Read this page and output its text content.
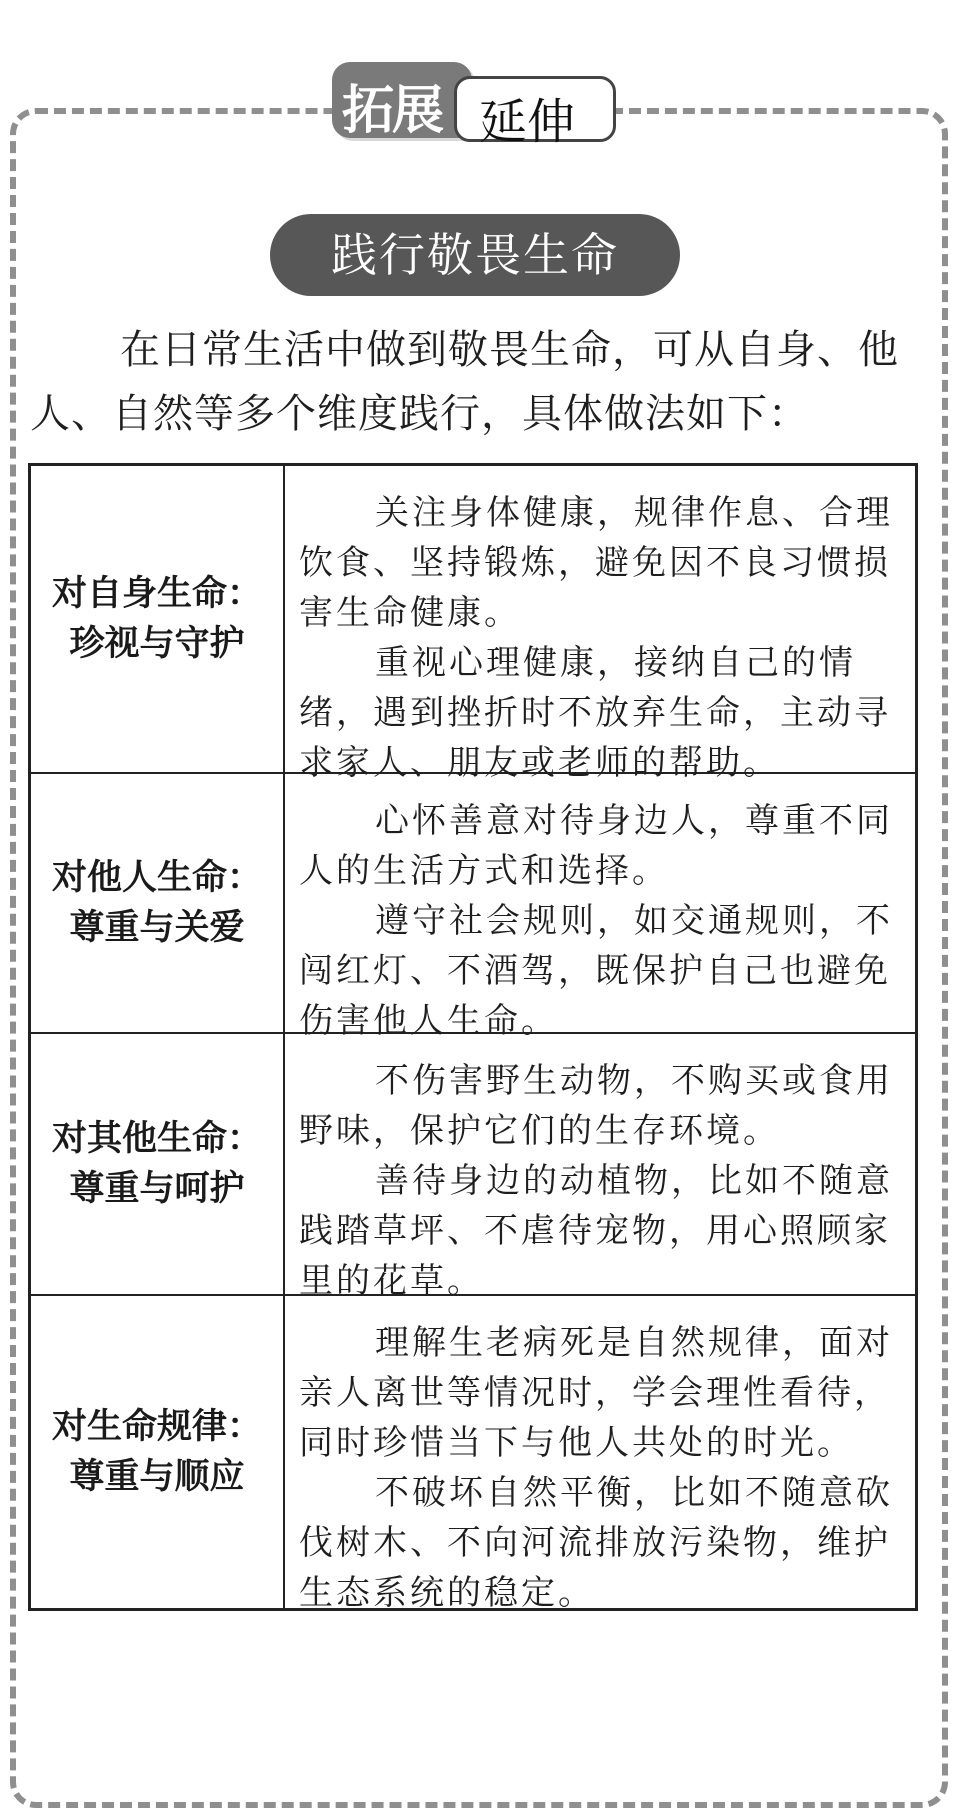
拓展 延伸
践行敬畏生命

在日常生活中做到敬畏生命，可从自身、他人、自然等多个维度践行，具体做法如下：

对自身生命：
珍视与守护

关注身体健康，规律作息、合理饮食、坚持锻炼，避免因不良习惯损害生命健康。

重视心理健康，接纳自己的情绪，遇到挫折时不放弃生命，主动寻求家人、朋友或老师的帮助。

对他人生命：
尊重与关爱

心怀善意对待身边人，尊重不同人的生活方式和选择。

遵守社会规则，如交通规则，不闯红灯、不酒驾，既保护自己也避免伤害他人生命。

对其他生命：
尊重与呵护

不伤害野生动物，不购买或食用野味，保护它们的生存环境。

善待身边的动植物，比如不随意践踏草坪、不虐待宠物，用心照顾家里的花草。

对生命规律：
尊重与顺应

理解生老病死是自然规律，面对亲人离世等情况时，学会理性看待，同时珍惜当下与他人共处的时光。

不破坏自然平衡，比如不随意砍伐树木、不向河流排放污染物，维护生态系统的稳定。
